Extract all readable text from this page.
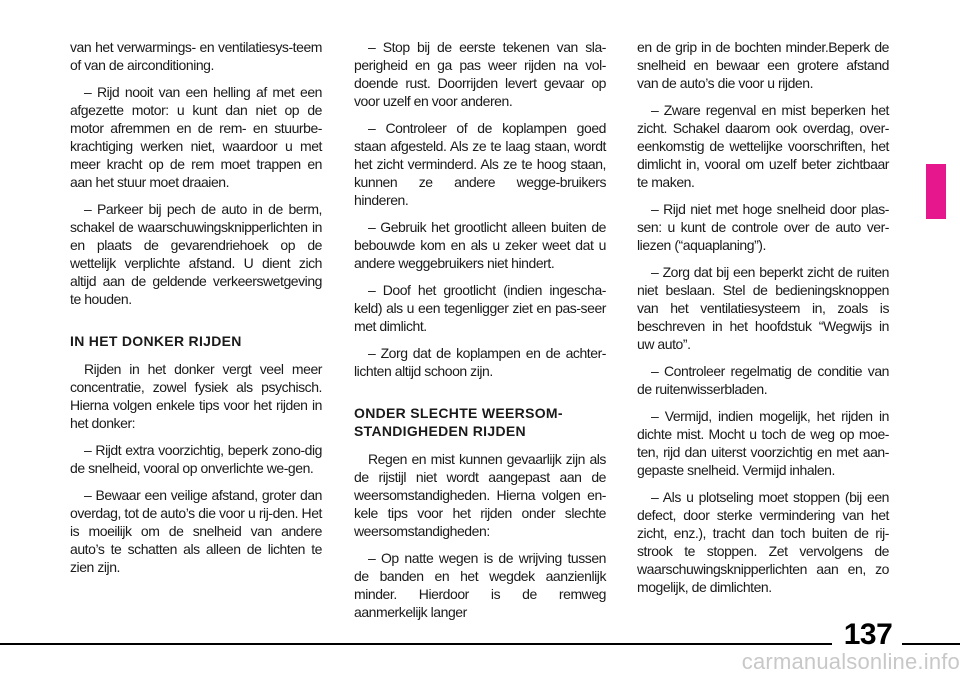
van het verwarmings- en ventilatiesys-teem of van de airconditioning.

– Rijd nooit van een helling af met een afgezette motor: u kunt dan niet op de motor afremmen en de rem- en stuurbe-krachtiging werken niet, waardoor u met meer kracht op de rem moet trappen en aan het stuur moet draaien.

– Parkeer bij pech de auto in de berm, schakel de waarschuwingsknipperlichten in en plaats de gevarendriehoek op de wettelijk verplichte afstand. U dient zich altijd aan de geldende verkeerswetgeving te houden.

IN HET DONKER RIJDEN

Rijden in het donker vergt veel meer concentratie, zowel fysiek als psychisch. Hierna volgen enkele tips voor het rijden in het donker:

– Rijdt extra voorzichtig, beperk zono-dig de snelheid, vooral op onverlichte we-gen.

– Bewaar een veilige afstand, groter dan overdag, tot de auto’s die voor u rij-den. Het is moeilijk om de snelheid van andere auto’s te schatten als alleen de lichten te zien zijn.

– Stop bij de eerste tekenen van sla-perigheid en ga pas weer rijden na vol-doende rust. Doorrijden levert gevaar op voor uzelf en voor anderen.

– Controleer of de koplampen goed staan afgesteld. Als ze te laag staan, wordt het zicht verminderd. Als ze te hoog staan, kunnen ze andere wegge-bruikers hinderen.

– Gebruik het grootlicht alleen buiten de bebouwde kom en als u zeker weet dat u andere weggebruikers niet hindert.

– Doof het grootlicht (indien ingescha-keld) als u een tegenligger ziet en pas-seer met dimlicht.

– Zorg dat de koplampen en de achter-lichten altijd schoon zijn.

ONDER SLECHTE WEERSOM-
STANDIGHEDEN RIJDEN

Regen en mist kunnen gevaarlijk zijn als de rijstijl niet wordt aangepast aan de weersomstandigheden. Hierna volgen en-kele tips voor het rijden onder slechte weersomstandigheden:

– Op natte wegen is de wrijving tussen de banden en het wegdek aanzienlijk minder. Hierdoor is de remweg aanmerkelijk langer

en de grip in de bochten minder.Beperk de snelheid en bewaar een grotere afstand van de auto’s die voor u rijden.

– Zware regenval en mist beperken het zicht. Schakel daarom ook overdag, over-eenkomstig de wettelijke voorschriften, het dimlicht in, vooral om uzelf beter zichtbaar te maken.

– Rijd niet met hoge snelheid door plas-sen: u kunt de controle over de auto ver-liezen (“aquaplaning”).

– Zorg dat bij een beperkt zicht de ruiten niet beslaan. Stel de bedieningsknoppen van het ventilatiesysteem in, zoals is beschreven in het hoofdstuk “Wegwijs in uw auto”.

– Controleer regelmatig de conditie van de ruitenwisserbladen.

– Vermijd, indien mogelijk, het rijden in dichte mist. Mocht u toch de weg op moe-ten, rijd dan uiterst voorzichtig en met aan-gepaste snelheid. Vermijd inhalen.

– Als u plotseling moet stoppen (bij een defect, door sterke vermindering van het zicht, enz.), tracht dan toch buiten de rij-strook te stoppen. Zet vervolgens de waarschuwingsknipperlichten aan en, zo mogelijk, de dimlichten.

137
carmanualsonline.info
